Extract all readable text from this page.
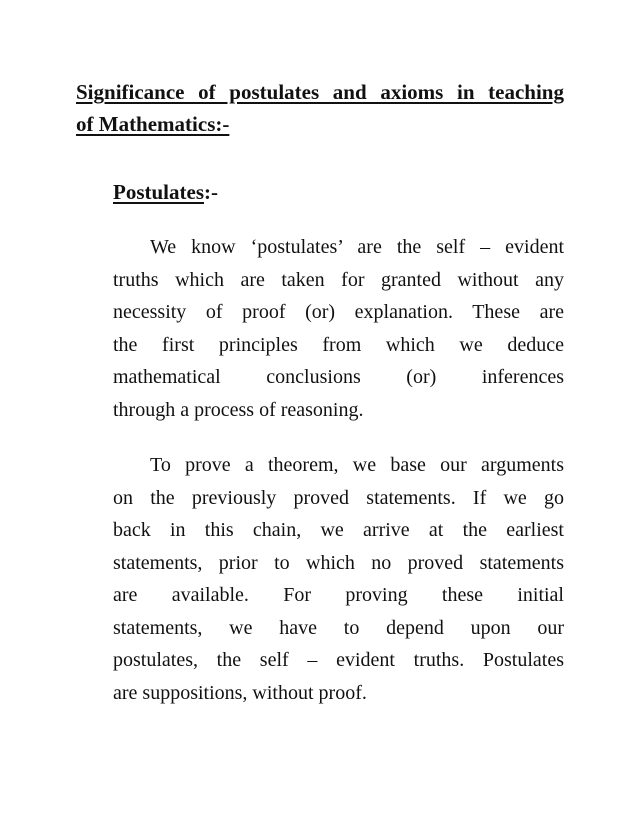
Significance of postulates and axioms in teaching
of Mathematics:-
Postulates:-

We know ‘postulates’ are the self – evident
truths which are taken for granted without any
necessity of proof (or) explanation. These are
the first principles from which we deduce
mathematical conclusions (or) inferences
through a process of reasoning.

To prove a theorem, we base our arguments
on the previously proved statements. If we go
back in this chain, we arrive at the earliest
statements, prior to which no proved statements
are available. For proving these initial
statements, we have to depend upon our
postulates, the self – evident truths. Postulates
are suppositions, without proof.
